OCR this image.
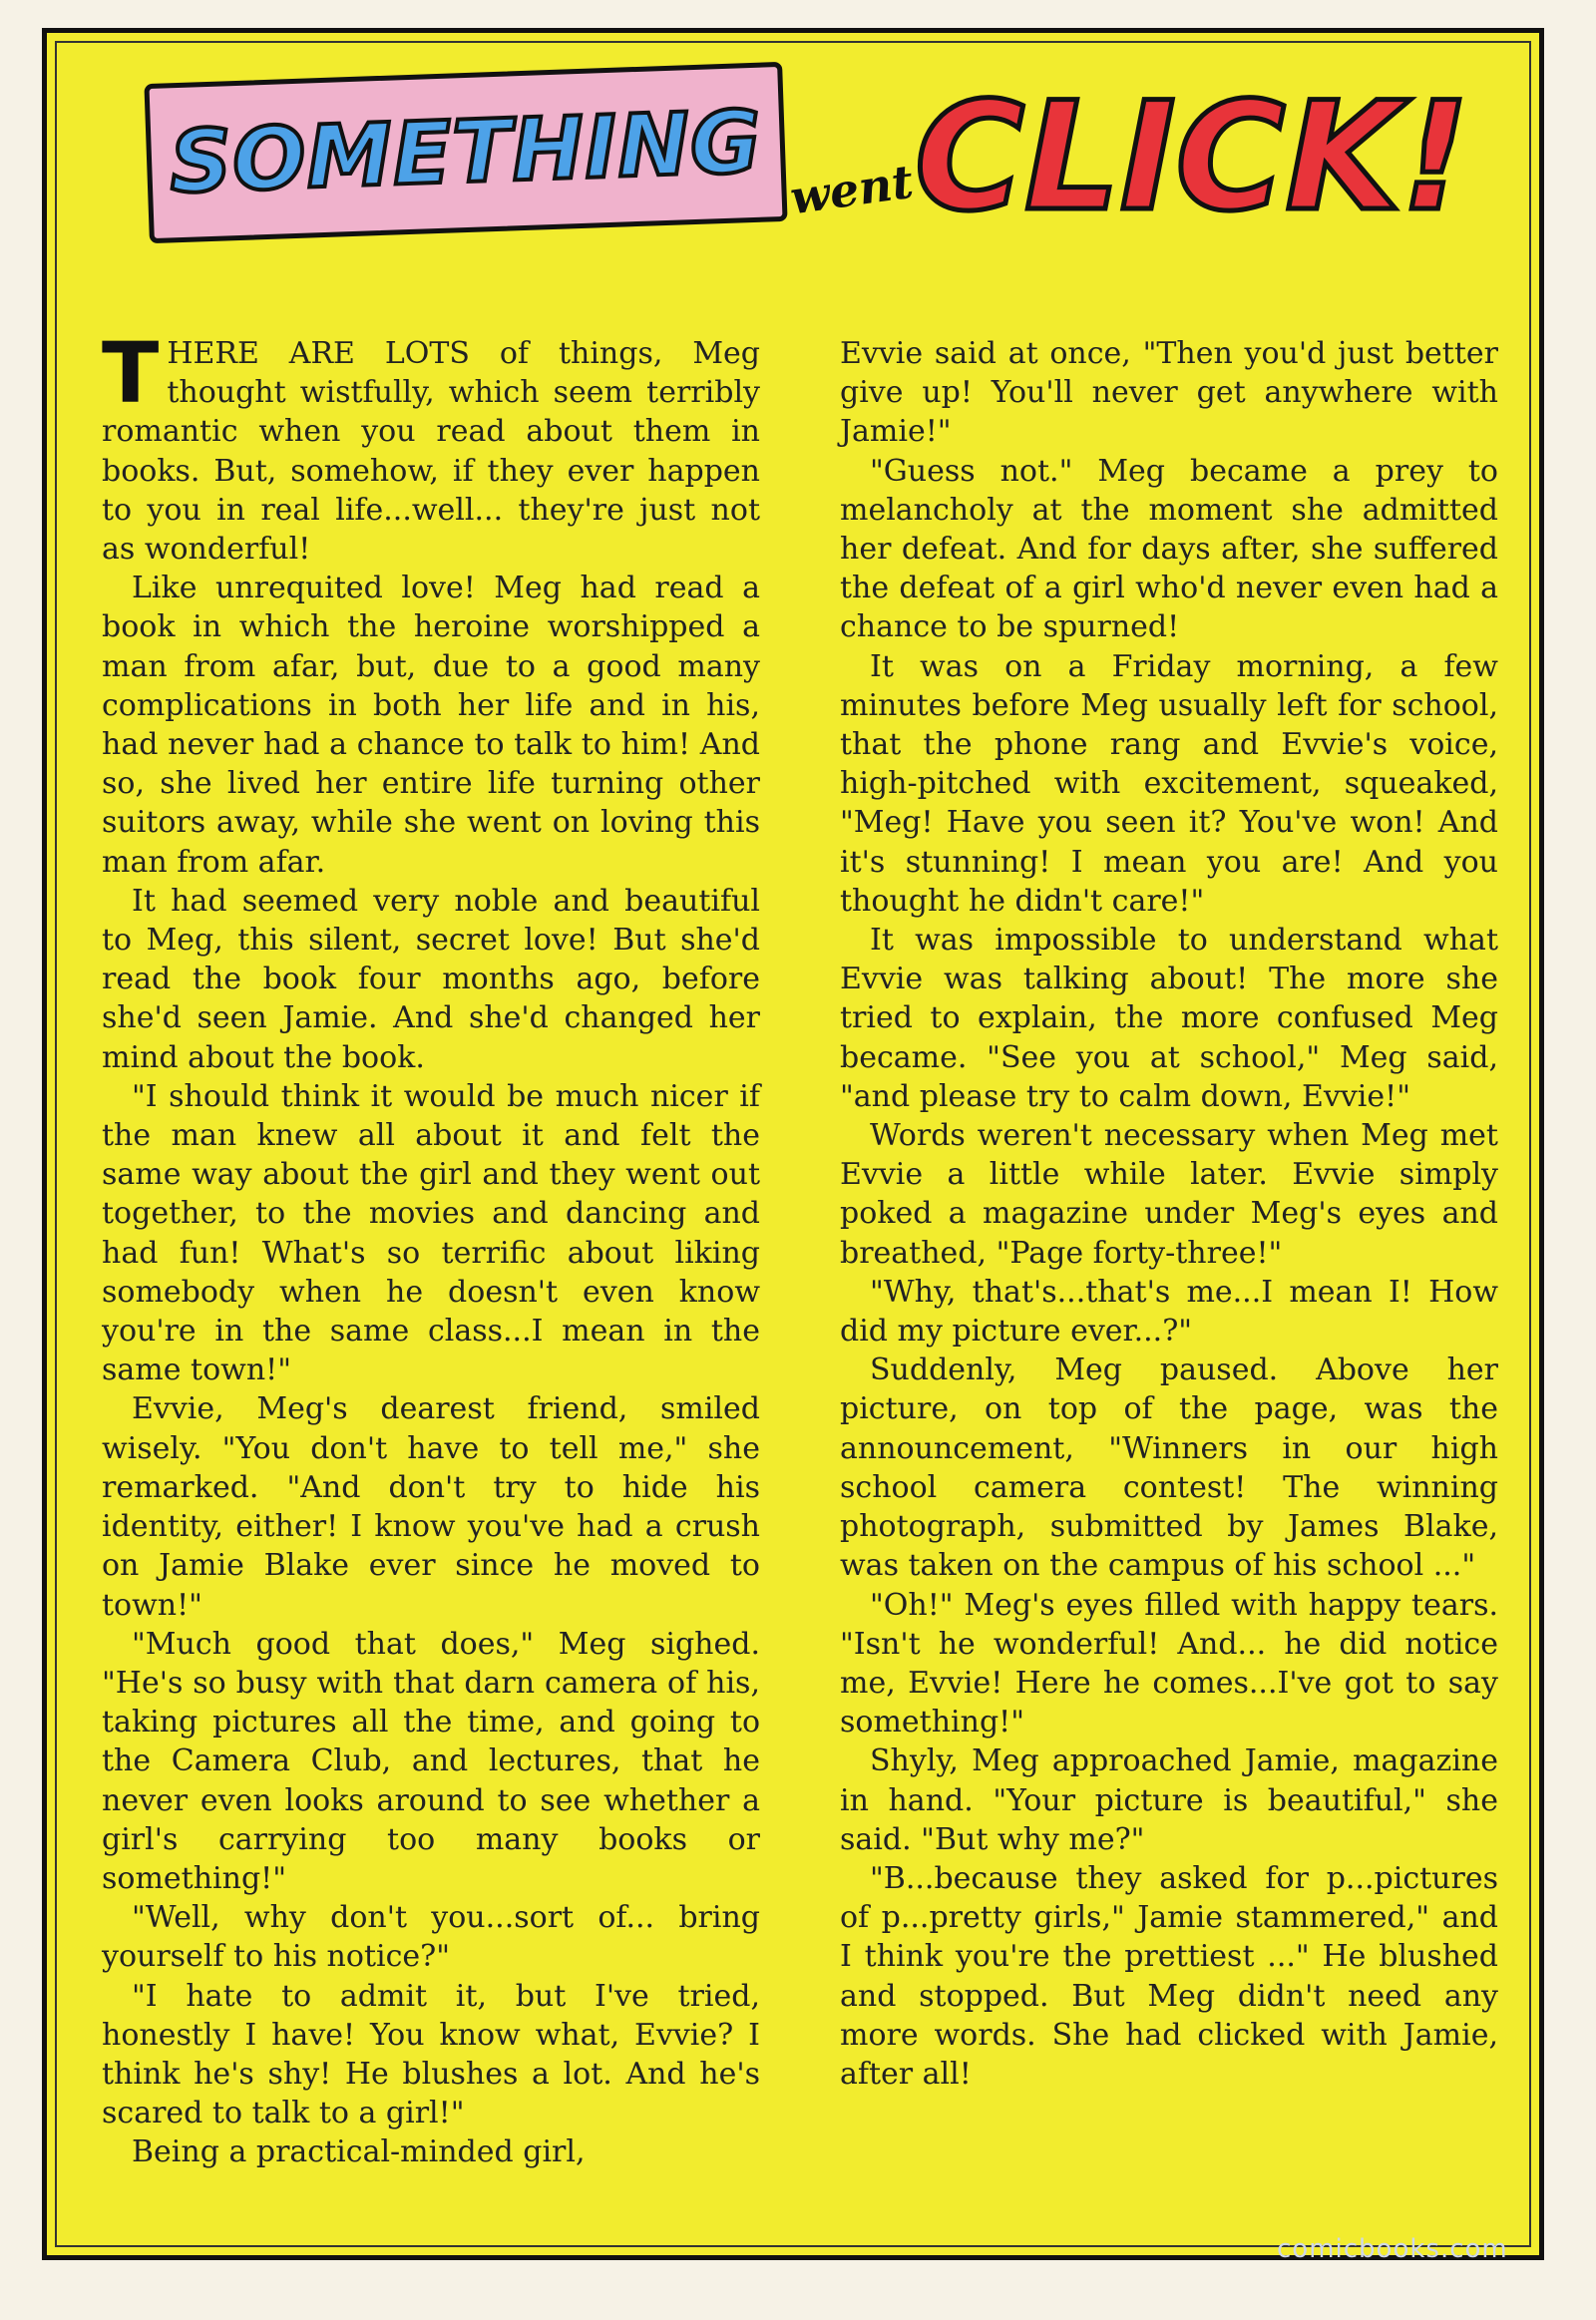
SOMETHING went
CLICK!

THERE ARE LOTS of things, Meg thought wistfully, which seem terribly romantic when you read about them in books. But, somehow, if they ever happen to you in real life...well... they're just not as wonderful!

Like unrequited love! Meg had read a book in which the heroine worshipped a man from afar, but, due to a good many complications in both her life and in his, had never had a chance to talk to him! And so, she lived her entire life turning other suitors away, while she went on loving this man from afar.

It had seemed very noble and beautiful to Meg, this silent, secret love! But she'd read the book four months ago, before she'd seen Jamie. And she'd changed her mind about the book.

"I should think it would be much nicer if the man knew all about it and felt the same way about the girl and they went out together, to the movies and dancing and had fun! What's so terrific about liking somebody when he doesn't even know you're in the same class...I mean in the same town!"

Evvie, Meg's dearest friend, smiled wisely. "You don't have to tell me," she remarked. "And don't try to hide his identity, either! I know you've had a crush on Jamie Blake ever since he moved to town!"

"Much good that does," Meg sighed. "He's so busy with that darn camera of his, taking pictures all the time, and going to the Camera Club, and lectures, that he never even looks around to see whether a girl's carrying too many books or something!"

"Well, why don't you...sort of... bring yourself to his notice?"

"I hate to admit it, but I've tried, honestly I have! You know what, Evvie? I think he's shy! He blushes a lot. And he's scared to talk to a girl!"

Being a practical-minded girl,

Evvie said at once, "Then you'd just better give up! You'll never get anywhere with Jamie!"

"Guess not." Meg became a prey to melancholy at the moment she admitted her defeat. And for days after, she suffered the defeat of a girl who'd never even had a chance to be spurned!

It was on a Friday morning, a few minutes before Meg usually left for school, that the phone rang and Evvie's voice, high-pitched with excitement, squeaked, "Meg! Have you seen it? You've won! And it's stunning! I mean you are! And you thought he didn't care!"

It was impossible to understand what Evvie was talking about! The more she tried to explain, the more confused Meg became. "See you at school," Meg said, "and please try to calm down, Evvie!"

Words weren't necessary when Meg met Evvie a little while later. Evvie simply poked a magazine under Meg's eyes and breathed, "Page forty-three!"

"Why, that's...that's me...I mean I! How did my picture ever...?"

Suddenly, Meg paused. Above her picture, on top of the page, was the announcement, "Winners in our high school camera contest! The winning photograph, submitted by James Blake, was taken on the campus of his school ..."

"Oh!" Meg's eyes filled with happy tears. "Isn't he wonderful! And... he did notice me, Evvie! Here he comes...I've got to say something!"

Shyly, Meg approached Jamie, magazine in hand. "Your picture is beautiful," she said. "But why me?"

"B...because they asked for p...pictures of p...pretty girls," Jamie stammered," and I think you're the prettiest ..." He blushed and stopped. But Meg didn't need any more words. She had clicked with Jamie, after all!

comicbooks.com
